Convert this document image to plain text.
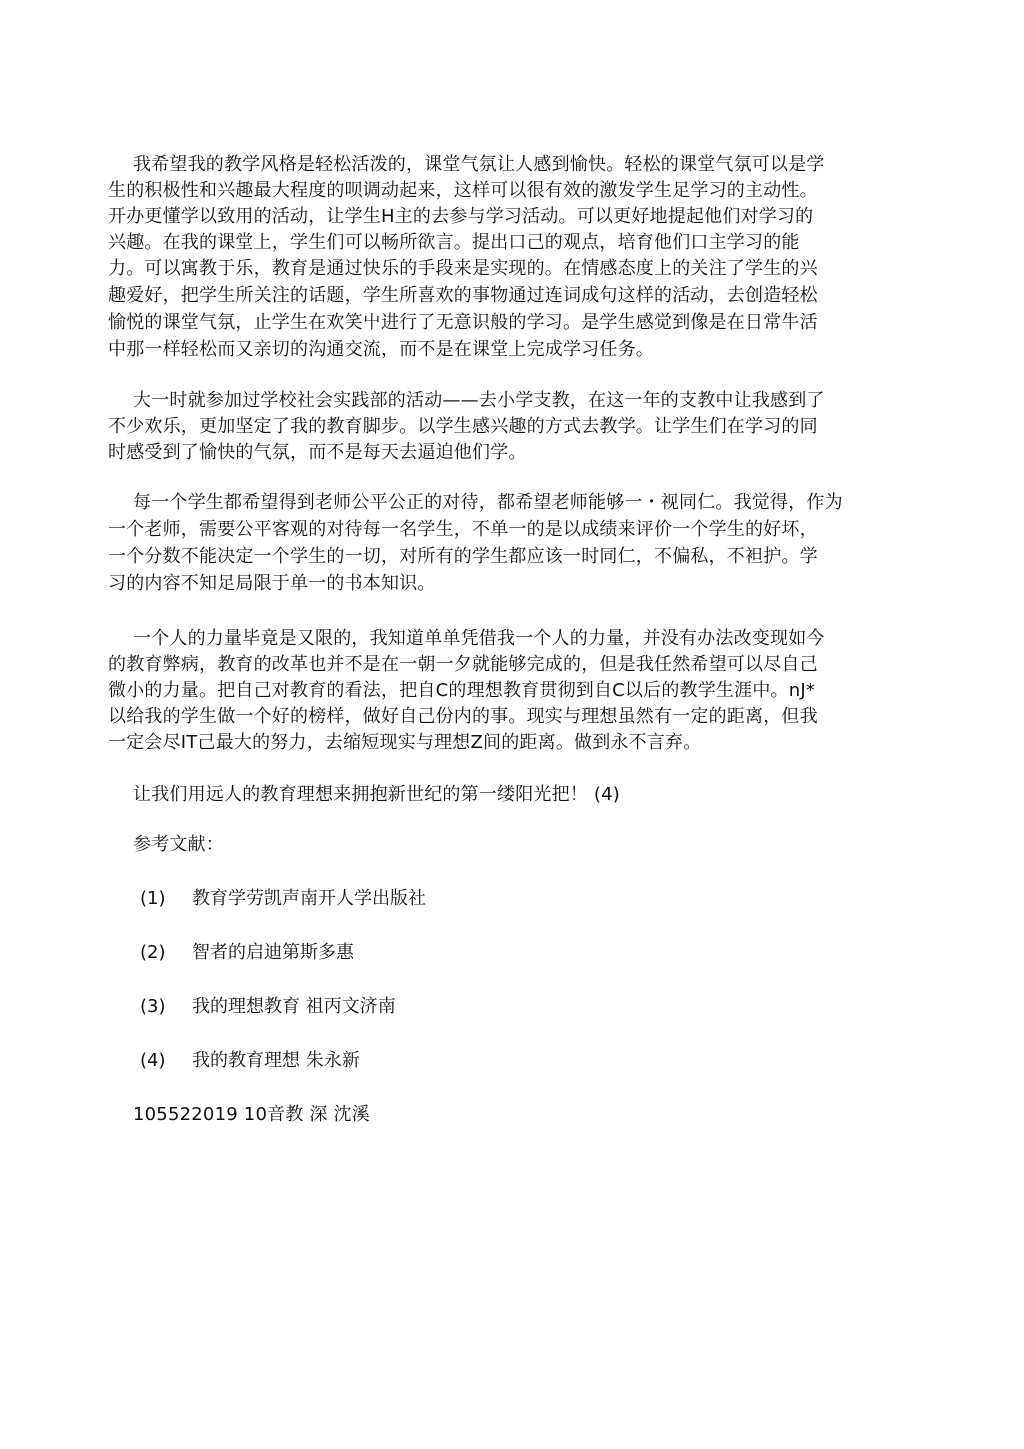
我希望我的教学风格是轻松活泼的，课堂气氛让人感到愉快。轻松的课堂气氛可以是学
生的积极性和兴趣最大程度的呗调动起来，这样可以很有效的激发学生足学习的主动性。
开办更懂学以致用的活动，让学生H主的去参与学习活动。可以更好地提起他们对学习的
兴趣。在我的课堂上，学生们可以畅所欲言。提出口己的观点，培育他们口主学习的能
力。可以寓教于乐，教育是通过快乐的手段来是实现的。在情感态度上的关注了学生的兴
趣爱好，把学生所关注的话题，学生所喜欢的事物通过连词成句这样的活动，去创造轻松
愉悦的课堂气氛，止学生在欢笑屮进行了无意识般的学习。是学生感觉到像是在日常牛活
中那一样轻松而又亲切的沟通交流，而不是在课堂上完成学习任务。
大一时就参加过学校社会实践部的活动——去小学支教，在这一年的支教中让我感到了
不少欢乐，更加坚定了我的教育脚步。以学生感兴趣的方式去教学。让学生们在学习的同
时感受到了愉快的气氛，而不是每天去逼迫他们学。
每一个学生都希望得到老师公平公正的对待，都希望老师能够一・视同仁。我觉得，作为
一个老师，需要公平客观的对待每一名学生，不单一的是以成绩来评价一个学生的好坏，
一个分数不能决定一个学生的一切，对所有的学生都应该一时同仁，不偏私，不袒护。学
习的内容不知足局限于单一的书本知识。
一个人的力量毕竟是又限的，我知道单单凭借我一个人的力量，并没有办法改变现如今
的教育弊病，教育的改革也并不是在一朝一夕就能够完成的，但是我任然希望可以尽自己
微小的力量。把自己对教育的看法，把自C的理想教育贯彻到自C以后的教学生涯中。nJ*
以给我的学生做一个好的榜样，做好自己份内的事。现实与理想虽然有一定的距离，但我
一定会尽IT己最大的努力，去缩短现实与理想Z间的距离。做到永不言弃。
让我们用远人的教育理想来拥抱新世纪的第一缕阳光把！ (4)
参考文献：
(1) 教育学劳凯声南开人学出版社
(2) 智者的启迪第斯多惠
(3) 我的理想教育 祖丙文济南
(4) 我的教育理想 朱永新
105522019 10音教 深 沈溪
